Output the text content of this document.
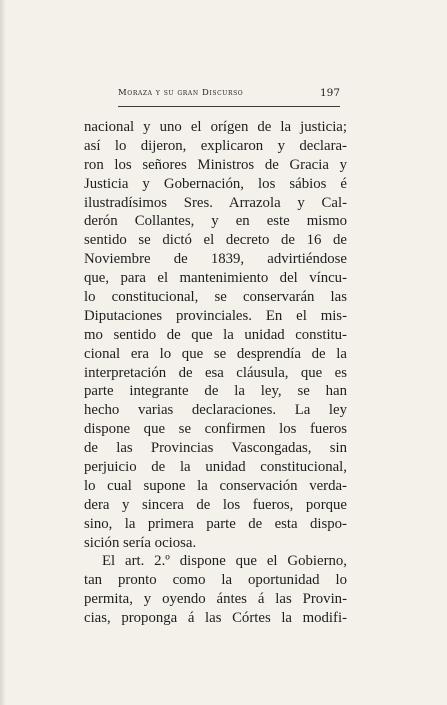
Moraza y su gran Discurso	197
nacional y uno el orígen de la justicia;
así lo dijeron, explicaron y declara-
ron los señores Ministros de Gracia y
Justicia y Gobernación, los sábios é
ilustradísimos Sres. Arrazola y Cal-
derón Collantes, y en este mismo
sentido se dictó el decreto de 16 de
Noviembre de 1839, advirtiéndose
que, para el mantenimiento del víncu-
lo constitucional, se conservarán las
Diputaciones provinciales. En el mis-
mo sentido de que la unidad constitu-
cional era lo que se desprendía de la
interpretación de esa cláusula, que es
parte integrante de la ley, se han
hecho varias declaraciones. La ley
dispone que se confirmen los fueros
de las Provincias Vascongadas, sin
perjuicio de la unidad constitucional,
lo cual supone la conservación verda-
dera y sincera de los fueros, porque
sino, la primera parte de esta dispo-
sición sería ociosa.
El art. 2.º dispone que el Gobierno,
tan pronto como la oportunidad lo
permita, y oyendo ántes á las Provin-
cias, proponga á las Córtes la modifi-
